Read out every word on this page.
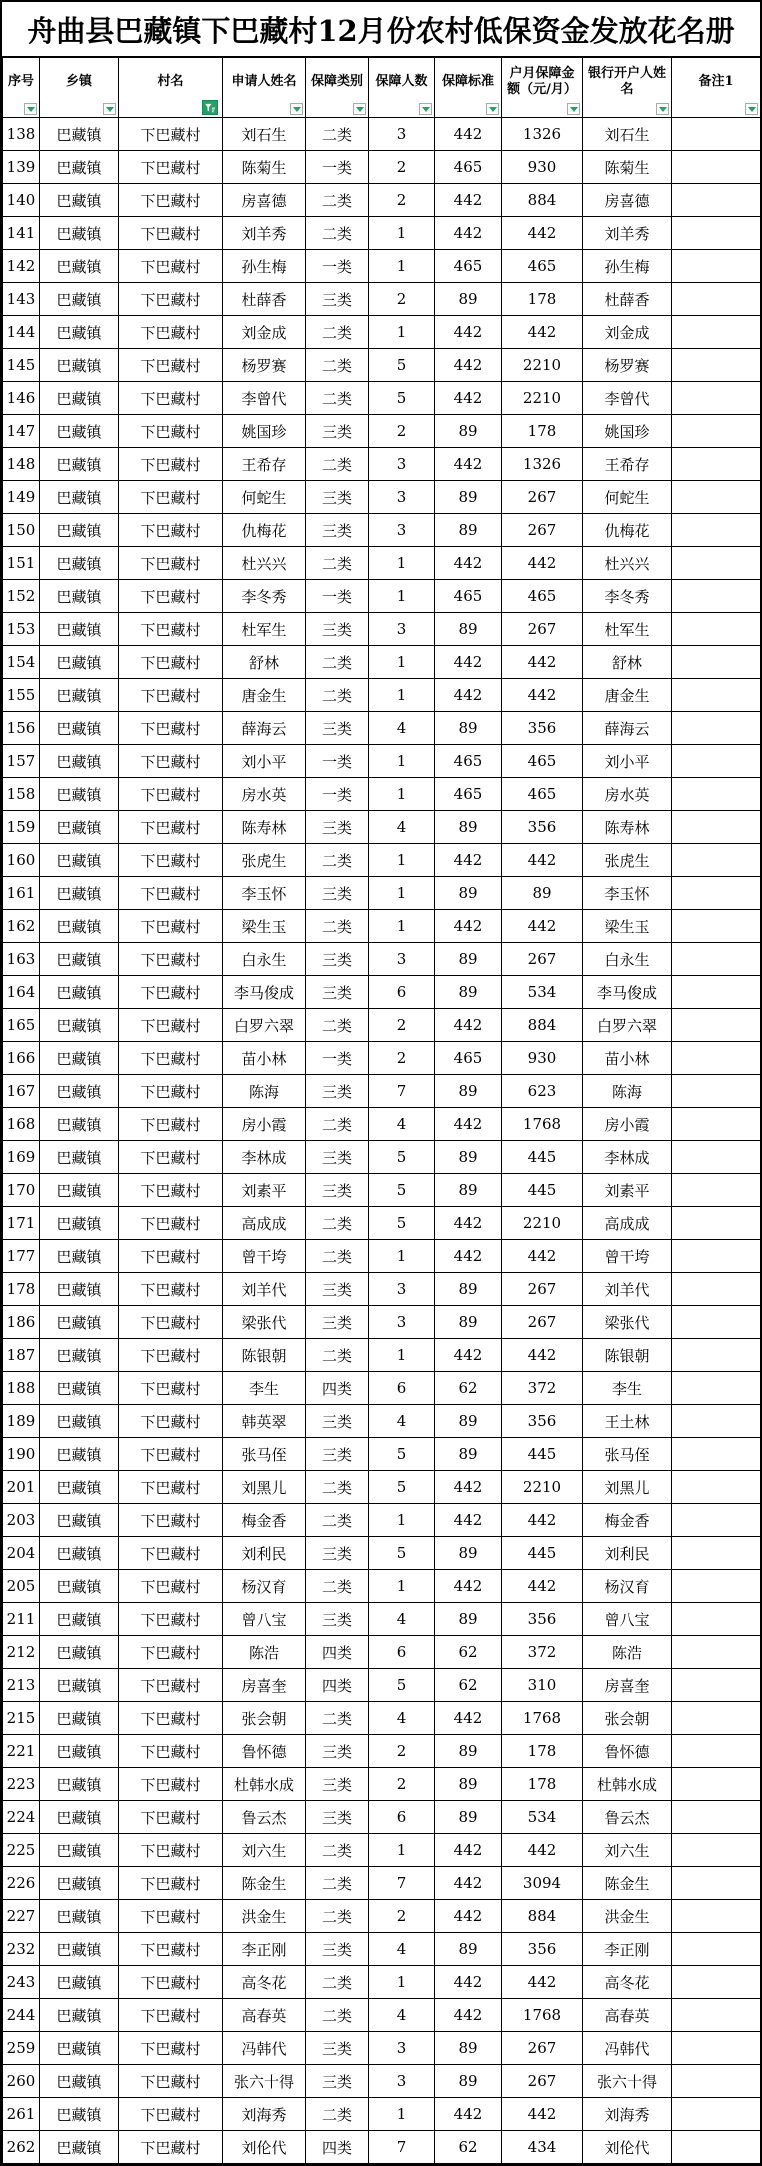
舟曲县巴藏镇下巴藏村12月份农村低保资金发放花名册
序号	乡镇	村名	申请人姓名	保障类别	保障人数	保障标准	户月保障金额（元/月）	银行开户人姓名	备注1

138	巴藏镇	下巴藏村	刘石生	二类	3	442	1326	刘石生	
139	巴藏镇	下巴藏村	陈菊生	一类	2	465	930	陈菊生	
140	巴藏镇	下巴藏村	房喜德	二类	2	442	884	房喜德	
141	巴藏镇	下巴藏村	刘羊秀	二类	1	442	442	刘羊秀	
142	巴藏镇	下巴藏村	孙生梅	一类	1	465	465	孙生梅	
143	巴藏镇	下巴藏村	杜薛香	三类	2	89	178	杜薛香	
144	巴藏镇	下巴藏村	刘金成	二类	1	442	442	刘金成	
145	巴藏镇	下巴藏村	杨罗赛	二类	5	442	2210	杨罗赛	
146	巴藏镇	下巴藏村	李曾代	二类	5	442	2210	李曾代	
147	巴藏镇	下巴藏村	姚国珍	三类	2	89	178	姚国珍	
148	巴藏镇	下巴藏村	王希存	二类	3	442	1326	王希存	
149	巴藏镇	下巴藏村	何蛇生	三类	3	89	267	何蛇生	
150	巴藏镇	下巴藏村	仇梅花	三类	3	89	267	仇梅花	
151	巴藏镇	下巴藏村	杜兴兴	二类	1	442	442	杜兴兴	
152	巴藏镇	下巴藏村	李冬秀	一类	1	465	465	李冬秀	
153	巴藏镇	下巴藏村	杜军生	三类	3	89	267	杜军生	
154	巴藏镇	下巴藏村	舒林	二类	1	442	442	舒林	
155	巴藏镇	下巴藏村	唐金生	二类	1	442	442	唐金生	
156	巴藏镇	下巴藏村	薛海云	三类	4	89	356	薛海云	
157	巴藏镇	下巴藏村	刘小平	一类	1	465	465	刘小平	
158	巴藏镇	下巴藏村	房水英	一类	1	465	465	房水英	
159	巴藏镇	下巴藏村	陈寿林	三类	4	89	356	陈寿林	
160	巴藏镇	下巴藏村	张虎生	二类	1	442	442	张虎生	
161	巴藏镇	下巴藏村	李玉怀	三类	1	89	89	李玉怀	
162	巴藏镇	下巴藏村	梁生玉	二类	1	442	442	梁生玉	
163	巴藏镇	下巴藏村	白永生	三类	3	89	267	白永生	
164	巴藏镇	下巴藏村	李马俊成	三类	6	89	534	李马俊成	
165	巴藏镇	下巴藏村	白罗六翠	二类	2	442	884	白罗六翠	
166	巴藏镇	下巴藏村	苗小林	一类	2	465	930	苗小林	
167	巴藏镇	下巴藏村	陈海	三类	7	89	623	陈海	
168	巴藏镇	下巴藏村	房小霞	二类	4	442	1768	房小霞	
169	巴藏镇	下巴藏村	李林成	三类	5	89	445	李林成	
170	巴藏镇	下巴藏村	刘素平	三类	5	89	445	刘素平	
171	巴藏镇	下巴藏村	高成成	二类	5	442	2210	高成成	
177	巴藏镇	下巴藏村	曾干垮	二类	1	442	442	曾干垮	
178	巴藏镇	下巴藏村	刘羊代	三类	3	89	267	刘羊代	
186	巴藏镇	下巴藏村	梁张代	三类	3	89	267	梁张代	
187	巴藏镇	下巴藏村	陈银朝	二类	1	442	442	陈银朝	
188	巴藏镇	下巴藏村	李生	四类	6	62	372	李生	
189	巴藏镇	下巴藏村	韩英翠	三类	4	89	356	王土林	
190	巴藏镇	下巴藏村	张马侄	三类	5	89	445	张马侄	
201	巴藏镇	下巴藏村	刘黑儿	二类	5	442	2210	刘黑儿	
203	巴藏镇	下巴藏村	梅金香	二类	1	442	442	梅金香	
204	巴藏镇	下巴藏村	刘利民	三类	5	89	445	刘利民	
205	巴藏镇	下巴藏村	杨汉育	二类	1	442	442	杨汉育	
211	巴藏镇	下巴藏村	曾八宝	三类	4	89	356	曾八宝	
212	巴藏镇	下巴藏村	陈浩	四类	6	62	372	陈浩	
213	巴藏镇	下巴藏村	房喜奎	四类	5	62	310	房喜奎	
215	巴藏镇	下巴藏村	张会朝	二类	4	442	1768	张会朝	
221	巴藏镇	下巴藏村	鲁怀德	三类	2	89	178	鲁怀德	
223	巴藏镇	下巴藏村	杜韩水成	三类	2	89	178	杜韩水成	
224	巴藏镇	下巴藏村	鲁云杰	三类	6	89	534	鲁云杰	
225	巴藏镇	下巴藏村	刘六生	二类	1	442	442	刘六生	
226	巴藏镇	下巴藏村	陈金生	二类	7	442	3094	陈金生	
227	巴藏镇	下巴藏村	洪金生	二类	2	442	884	洪金生	
232	巴藏镇	下巴藏村	李正刚	三类	4	89	356	李正刚	
243	巴藏镇	下巴藏村	高冬花	二类	1	442	442	高冬花	
244	巴藏镇	下巴藏村	高春英	二类	4	442	1768	高春英	
259	巴藏镇	下巴藏村	冯韩代	三类	3	89	267	冯韩代	
260	巴藏镇	下巴藏村	张六十得	三类	3	89	267	张六十得	
261	巴藏镇	下巴藏村	刘海秀	二类	1	442	442	刘海秀	
262	巴藏镇	下巴藏村	刘伦代	四类	7	62	434	刘伦代	
